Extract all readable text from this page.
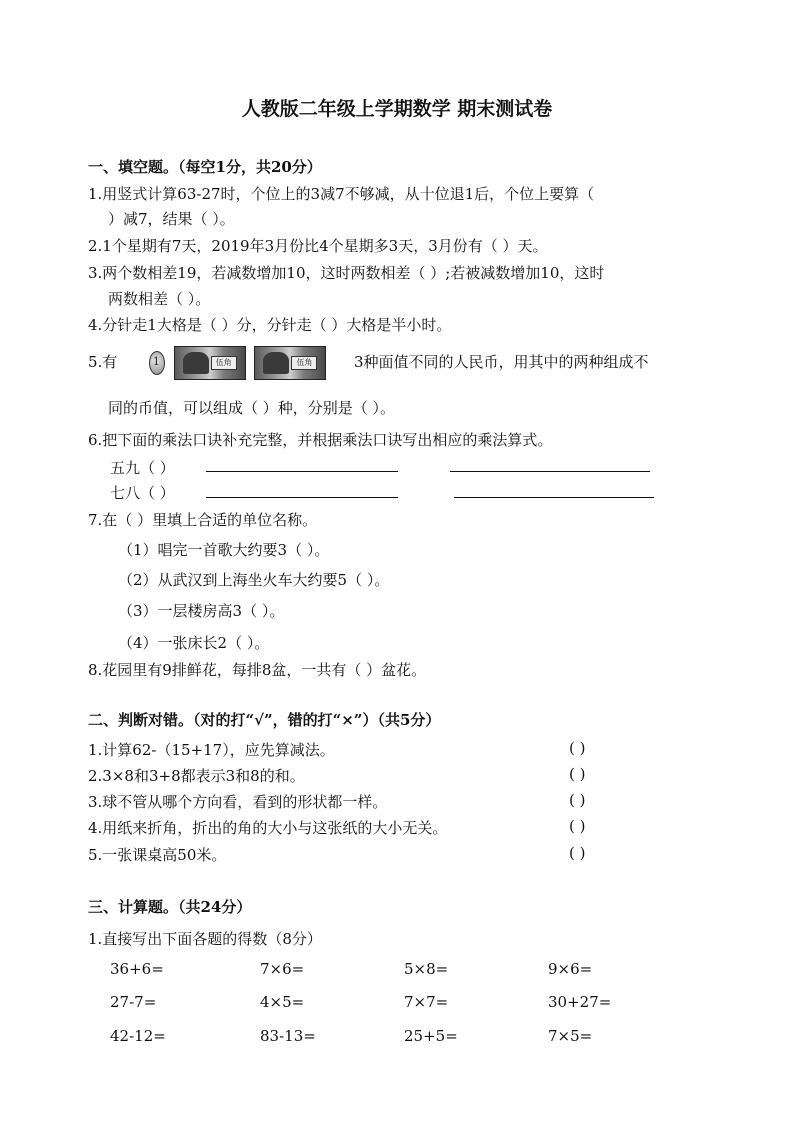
人教版二年级上学期数学 期末测试卷
一、填空题。（每空1分，共20分）
1.用竖式计算63-27时，个位上的3减7不够减，从十位退1后，个位上要算（
）减7，结果（ ）。
2.1个星期有7天，2019年3月份比4个星期多3天，3月份有（ ）天。
3.两个数相差19，若减数增加10，这时两数相差（ ）;若被减数增加10，这时
两数相差（ ）。
4.分针走1大格是（ ）分，分针走（ ）大格是半小时。
5.有	1
	伍角
	伍角	3种面值不同的人民币，用其中的两种组成不
同的币值，可以组成（ ）种，分别是（ ）。
6.把下面的乘法口诀补充完整，并根据乘法口诀写出相应的乘法算式。
五九（ ）
七八（ ）
7.在（ ）里填上合适的单位名称。
（1）唱完一首歌大约要3（ ）。
（2）从武汉到上海坐火车大约要5（ ）。
（3）一层楼房高3（ ）。
（4）一张床长2（ ）。
8.花园里有9排鲜花，每排8盆，一共有（ ）盆花。
二、判断对错。（对的打“√”，错的打“×”）（共5分）
1.计算62-（15+17），应先算减法。	( )
2.3×8和3+8都表示3和8的和。	( )
3.球不管从哪个方向看，看到的形状都一样。	( )
4.用纸来折角，折出的角的大小与这张纸的大小无关。	( )
5.一张课桌高50米。	( )
三、计算题。（共24分）
1.直接写出下面各题的得数（8分）
36+6=	7×6=	5×8=	9×6=
27-7=	4×5=	7×7=	30+27=
42-12=	83-13=	25+5=	7×5=
